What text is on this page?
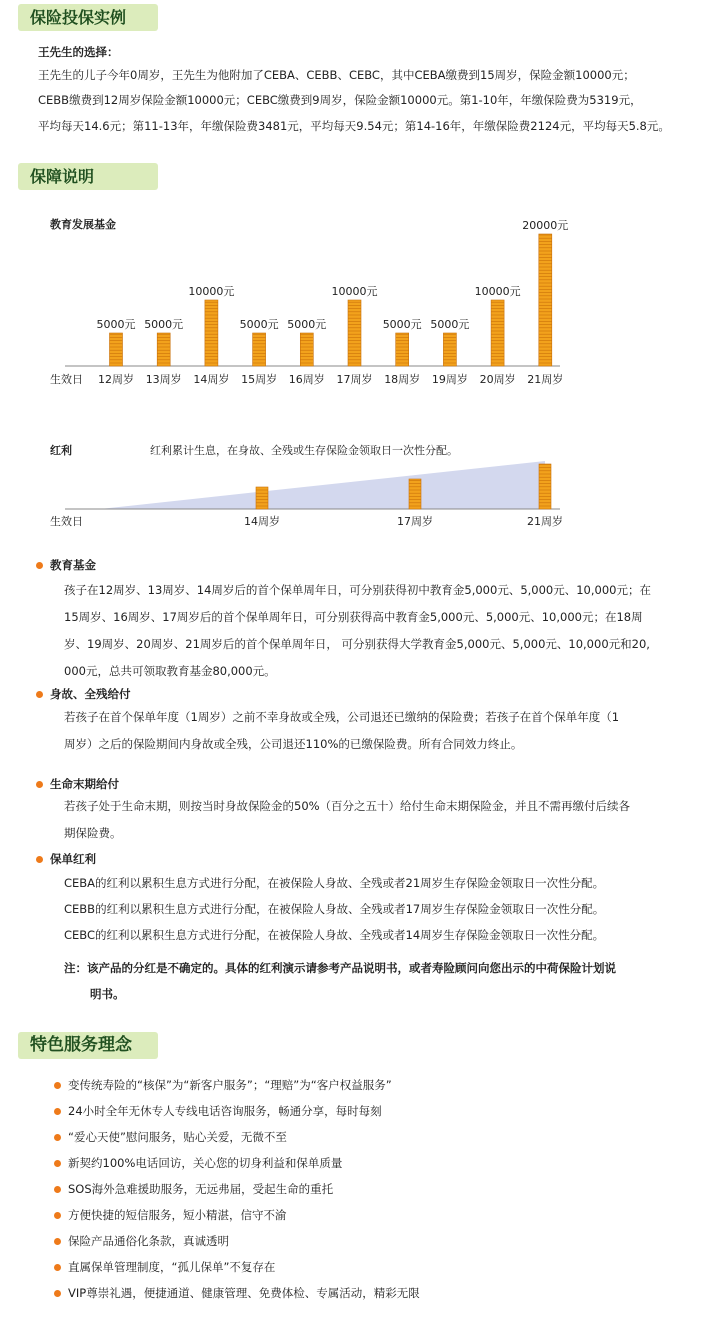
保险投保实例
王先生的选择：
王先生的儿子今年0周岁，王先生为他附加了CEBA、CEBB、CEBC，其中CEBA缴费到15周岁，保险金额10000元；
CEBB缴费到12周岁保险金额10000元；CEBC缴费到9周岁，保险金额10000元。第1-10年，年缴保险费为5319元，
平均每天14.6元；第11-13年，年缴保险费3481元，平均每天9.54元；第14-16年，年缴保险费2124元，平均每天5.8元。
保障说明
教育发展基金
生效日
5000元
12周岁
5000元
13周岁
10000元
14周岁
5000元
15周岁
5000元
16周岁
10000元
17周岁
5000元
18周岁
5000元
19周岁
10000元
20周岁
20000元
21周岁
红利	红利累计生息，在身故、全残或生存保险金领取日一次性分配。
生效日	14周岁	17周岁	21周岁
教育基金
孩子在12周岁、13周岁、14周岁后的首个保单周年日，可分别获得初中教育金5,000元、5,000元、10,000元；在
15周岁、16周岁、17周岁后的首个保单周年日，可分别获得高中教育金5,000元、5,000元、10,000元；在18周
岁、19周岁、20周岁、21周岁后的首个保单周年日， 可分别获得大学教育金5,000元、5,000元、10,000元和20,
000元，总共可领取教育基金80,000元。
身故、全残给付
若孩子在首个保单年度（1周岁）之前不幸身故或全残，公司退还已缴纳的保险费；若孩子在首个保单年度（1
周岁）之后的保险期间内身故或全残，公司退还110%的已缴保险费。所有合同效力终止。
生命末期给付
若孩子处于生命末期，则按当时身故保险金的50%（百分之五十）给付生命末期保险金，并且不需再缴付后续各
期保险费。
保单红利
CEBA的红利以累积生息方式进行分配，在被保险人身故、全残或者21周岁生存保险金领取日一次性分配。
CEBB的红利以累积生息方式进行分配，在被保险人身故、全残或者17周岁生存保险金领取日一次性分配。
CEBC的红利以累积生息方式进行分配，在被保险人身故、全残或者14周岁生存保险金领取日一次性分配。
注：该产品的分红是不确定的。具体的红利演示请参考产品说明书，或者寿险顾问向您出示的中荷保险计划说
明书。
特色服务理念
变传统寿险的“核保”为“新客户服务”；“理赔”为“客户权益服务”
24小时全年无休专人专线电话咨询服务，畅通分享，每时每刻
“爱心天使”慰问服务，贴心关爱，无微不至
新契约100%电话回访，关心您的切身利益和保单质量
SOS海外急难援助服务，无远弗届，受起生命的重托
方便快捷的短信服务，短小精湛，信守不渝
保险产品通俗化条款，真诚透明
直属保单管理制度，“孤儿保单”不复存在
VIP尊崇礼遇，便捷通道、健康管理、免费体检、专属活动，精彩无限
